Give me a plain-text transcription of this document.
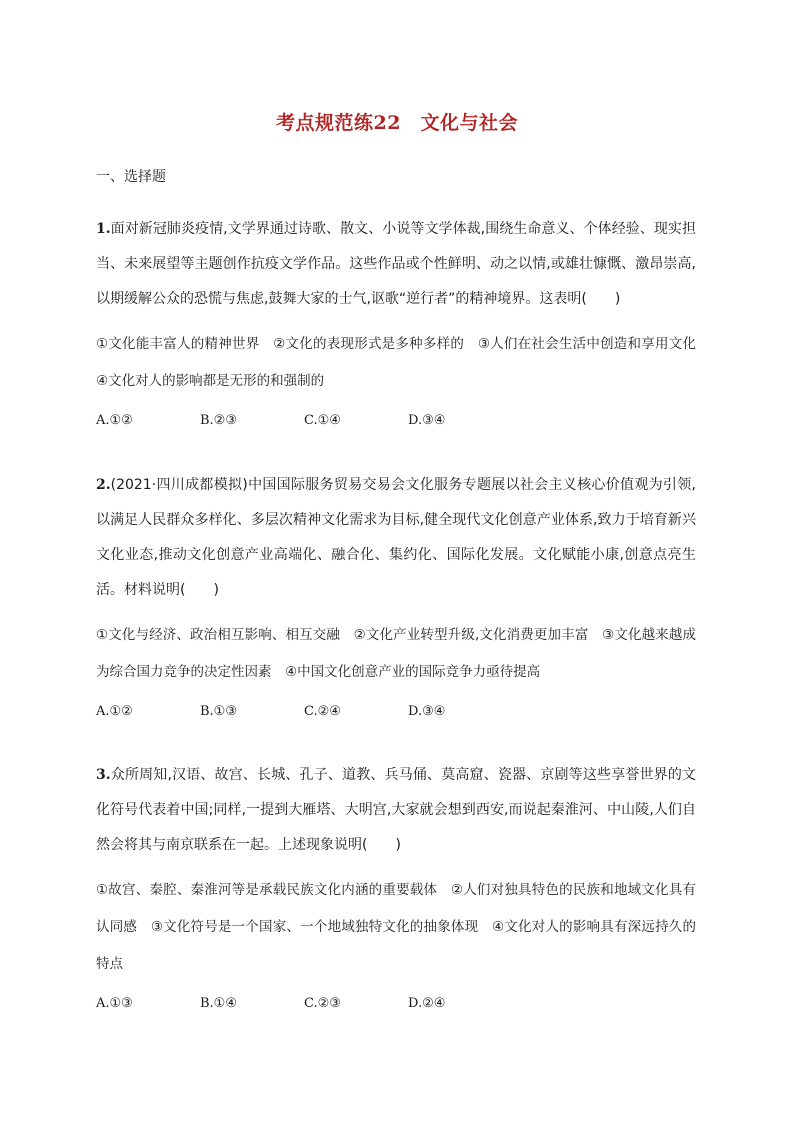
考点规范练22　文化与社会
一、选择题

1.面对新冠肺炎疫情,文学界通过诗歌、散文、小说等文学体裁,围绕生命意义、个体经验、现实担当、未来展望等主题创作抗疫文学作品。这些作品或个性鲜明、动之以情,或雄壮慷慨、激昂崇高,以期缓解公众的恐慌与焦虑,鼓舞大家的士气,讴歌“逆行者”的精神境界。这表明(　　)

①文化能丰富人的精神世界　②文化的表现形式是多种多样的　③人们在社会生活中创造和享用文化　④文化对人的影响都是无形的和强制的
A.①②	B.②③	C.①④	D.③④

2.(2021·四川成都模拟)中国国际服务贸易交易会文化服务专题展以社会主义核心价值观为引领,以满足人民群众多样化、多层次精神文化需求为目标,健全现代文化创意产业体系,致力于培育新兴文化业态,推动文化创意产业高端化、融合化、集约化、国际化发展。文化赋能小康,创意点亮生活。材料说明(　　)

①文化与经济、政治相互影响、相互交融　②文化产业转型升级,文化消费更加丰富　③文化越来越成为综合国力竞争的决定性因素　④中国文化创意产业的国际竞争力亟待提高
A.①②	B.①③	C.②④	D.③④

3.众所周知,汉语、故宫、长城、孔子、道教、兵马俑、莫高窟、瓷器、京剧等这些享誉世界的文化符号代表着中国;同样,一提到大雁塔、大明宫,大家就会想到西安,而说起秦淮河、中山陵,人们自然会将其与南京联系在一起。上述现象说明(　　)

①故宫、秦腔、秦淮河等是承载民族文化内涵的重要载体　②人们对独具特色的民族和地域文化具有认同感　③文化符号是一个国家、一个地域独特文化的抽象体现　④文化对人的影响具有深远持久的特点
A.①③	B.①④	C.②③	D.②④
